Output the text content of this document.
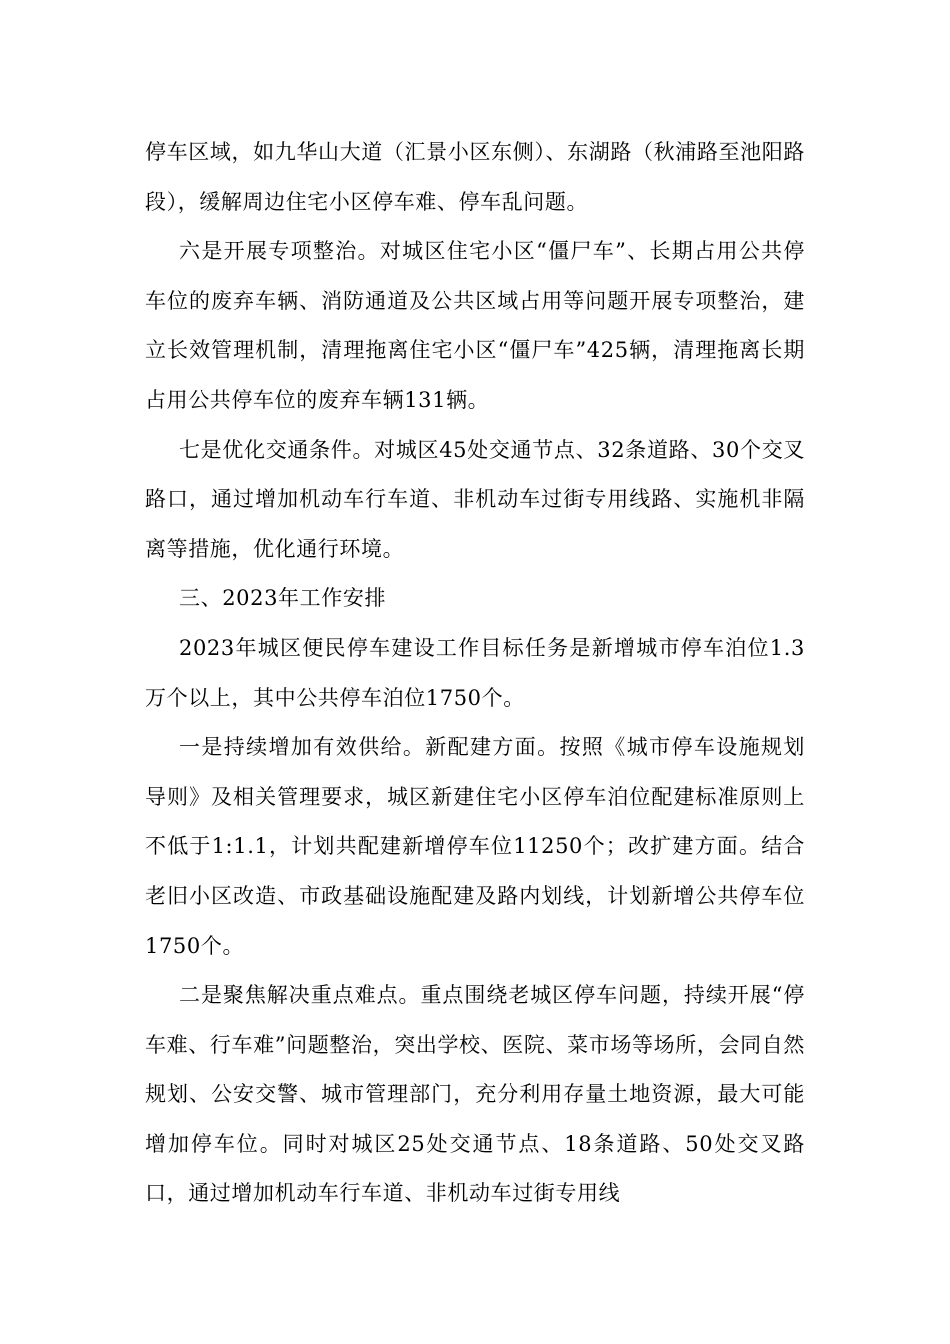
停车区域，如九华山大道（汇景小区东侧）、东湖路（秋浦路至池阳路段），缓解周边住宅小区停车难、停车乱问题。

六是开展专项整治。对城区住宅小区“僵尸车”、长期占用公共停车位的废弃车辆、消防通道及公共区域占用等问题开展专项整治，建立长效管理机制，清理拖离住宅小区“僵尸车”425辆，清理拖离长期占用公共停车位的废弃车辆131辆。

七是优化交通条件。对城区45处交通节点、32条道路、30个交叉路口，通过增加机动车行车道、非机动车过街专用线路、实施机非隔离等措施，优化通行环境。

三、2023年工作安排

2023年城区便民停车建设工作目标任务是新增城市停车泊位1.3万个以上，其中公共停车泊位1750个。

一是持续增加有效供给。新配建方面。按照《城市停车设施规划导则》及相关管理要求，城区新建住宅小区停车泊位配建标准原则上不低于1:1.1，计划共配建新增停车位11250个；改扩建方面。结合老旧小区改造、市政基础设施配建及路内划线，计划新增公共停车位1750个。

二是聚焦解决重点难点。重点围绕老城区停车问题，持续开展“停车难、行车难”问题整治，突出学校、医院、菜市场等场所，会同自然规划、公安交警、城市管理部门，充分利用存量土地资源，最大可能增加停车位。同时对城区25处交通节点、18条道路、50处交叉路口，通过增加机动车行车道、非机动车过街专用线
